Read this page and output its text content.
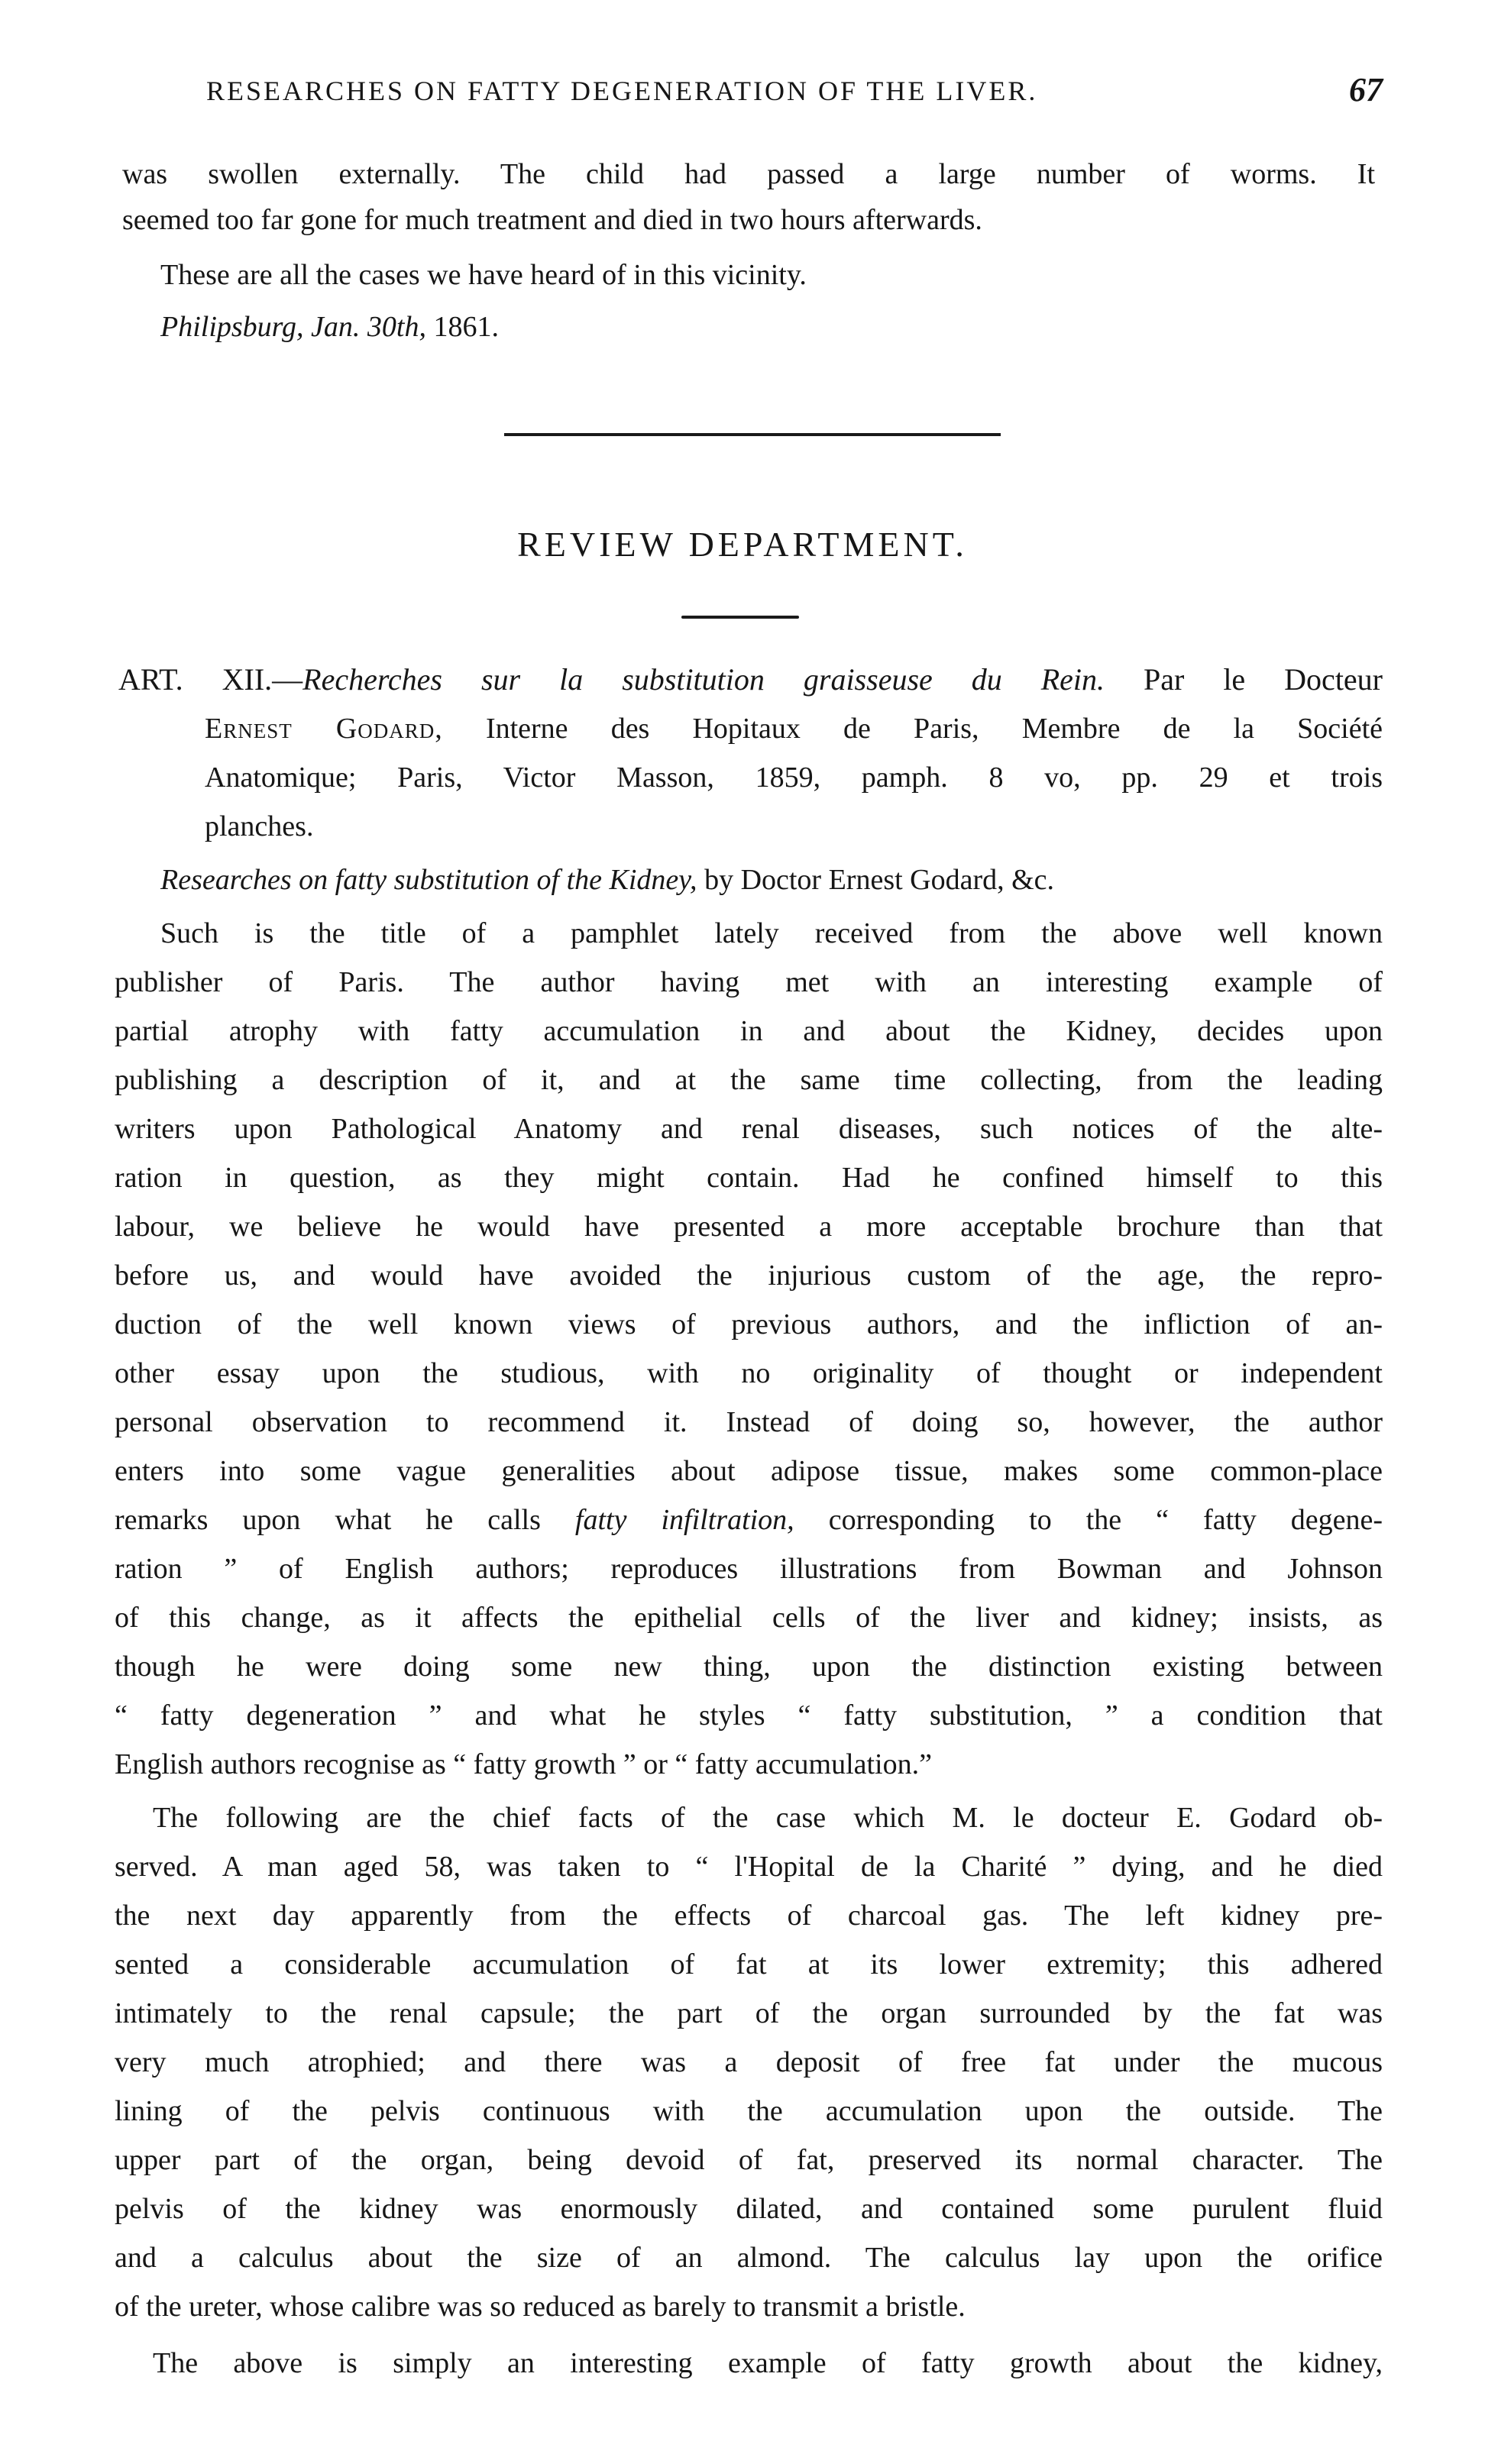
RESEARCHES ON FATTY DEGENERATION OF THE LIVER.	67
was swollen externally. The child had passed a large number of worms. It
seemed too far gone for much treatment and died in two hours afterwards.
These are all the cases we have heard of in this vicinity.
Philipsburg, Jan. 30th, 1861.
REVIEW DEPARTMENT.
ART. XII.—Recherches sur la substitution graisseuse du Rein. Par le Docteur
Ernest Godard, Interne des Hopitaux de Paris, Membre de la Société
Anatomique; Paris, Victor Masson, 1859, pamph. 8 vo, pp. 29 et trois
planches.
Researches on fatty substitution of the Kidney, by Doctor Ernest Godard, &c.
Such is the title of a pamphlet lately received from the above well known
publisher of Paris. The author having met with an interesting example of
partial atrophy with fatty accumulation in and about the Kidney, decides upon
publishing a description of it, and at the same time collecting, from the leading
writers upon Pathological Anatomy and renal diseases, such notices of the alte-
ration in question, as they might contain. Had he confined himself to this
labour, we believe he would have presented a more acceptable brochure than that
before us, and would have avoided the injurious custom of the age, the repro-
duction of the well known views of previous authors, and the infliction of an-
other essay upon the studious, with no originality of thought or independent
personal observation to recommend it. Instead of doing so, however, the author
enters into some vague generalities about adipose tissue, makes some common-place
remarks upon what he calls fatty infiltration, corresponding to the “ fatty degene-
ration ” of English authors; reproduces illustrations from Bowman and Johnson
of this change, as it affects the epithelial cells of the liver and kidney; insists, as
though he were doing some new thing, upon the distinction existing between
“ fatty degeneration ” and what he styles “ fatty substitution, ” a condition that
English authors recognise as “ fatty growth ” or “ fatty accumulation.”
The following are the chief facts of the case which M. le docteur E. Godard ob-
served. A man aged 58, was taken to “ l'Hopital de la Charité ” dying, and he died
the next day apparently from the effects of charcoal gas. The left kidney pre-
sented a considerable accumulation of fat at its lower extremity; this adhered
intimately to the renal capsule; the part of the organ surrounded by the fat was
very much atrophied; and there was a deposit of free fat under the mucous
lining of the pelvis continuous with the accumulation upon the outside. The
upper part of the organ, being devoid of fat, preserved its normal character. The
pelvis of the kidney was enormously dilated, and contained some purulent fluid
and a calculus about the size of an almond. The calculus lay upon the orifice
of the ureter, whose calibre was so reduced as barely to transmit a bristle.
The above is simply an interesting example of fatty growth about the kidney,
